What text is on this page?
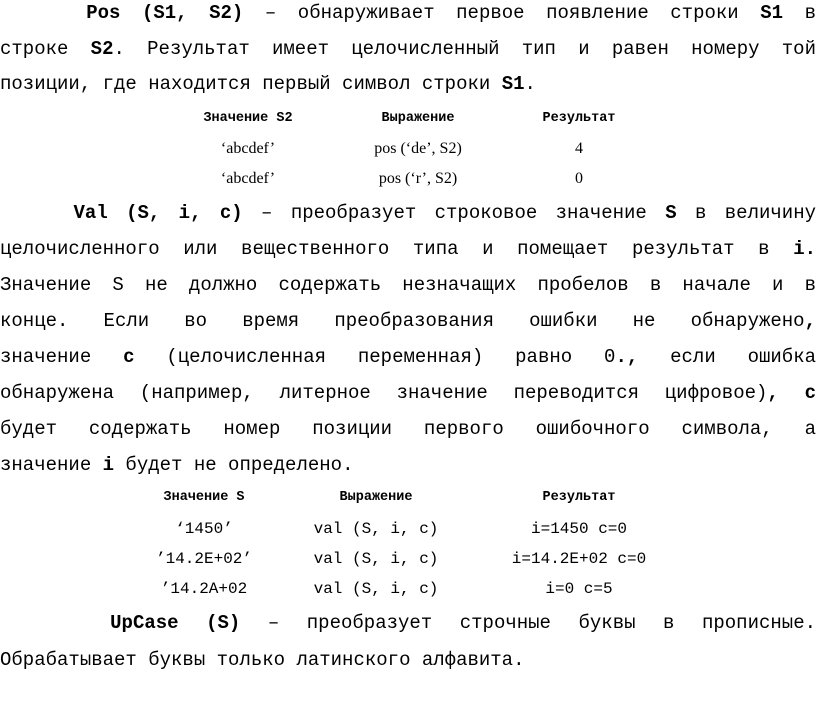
Pos (S1, S2) – обнаруживает первое появление строки S1 в
строке S2. Результат имеет целочисленный тип и равен номеру той
позиции, где находится первый символ строки S1.
Значение S2	Выражение	Результат
‘abcdef’	pos (‘de’, S2)	4
‘abcdef’	pos (‘r’, S2)	0
Val (S, i, c) – преобразует строковое значение S в величину
целочисленного или вещественного типа и помещает результат в i.
Значение S не должно содержать незначащих пробелов в начале и в
конце. Если во время преобразования ошибки не обнаружено,
значение c (целочисленная переменная) равно 0., если ошибка
обнаружена (например, литерное значение переводится цифровое), c
будет содержать номер позиции первого ошибочного символа, а
значение i будет не определено.
Значение S	Выражение	Результат
‘1450’	val (S, i, c)	i=1450 c=0
’14.2E+02’	val (S, i, c)	i=14.2E+02 c=0
’14.2A+02	val (S, i, c)	i=0 c=5
UpCase (S) – преобразует строчные буквы в прописные.
Обрабатывает буквы только латинского алфавита.
